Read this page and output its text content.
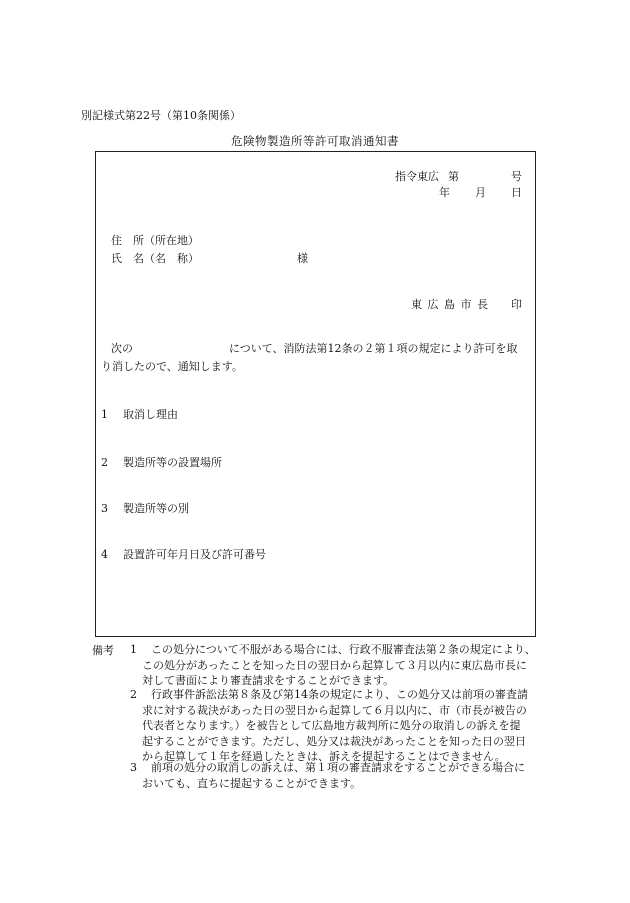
別記様式第22号（第10条関係）
危険物製造所等許可取消通知書
指令東広 第	号
年 月 日
住　所（所在地）
氏　名（名　称）	様
東 広 島 市 長 印
次の	について、消防法第12条の２第１項の規定により許可を取
り消したので、通知します。
1 取消し理由
2 製造所等の設置場所
3 製造所等の別
4 設置許可年月日及び許可番号
備考 1 この処分について不服がある場合には、行政不服審査法第２条の規定により、
この処分があったことを知った日の翌日から起算して３月以内に東広島市長に
対して書面により審査請求をすることができます。
2 行政事件訴訟法第８条及び第14条の規定により、この処分又は前項の審査請
求に対する裁決があった日の翌日から起算して６月以内に、市（市長が被告の
代表者となります。）を被告として広島地方裁判所に処分の取消しの訴えを提
起することができます。ただし、処分又は裁決があったことを知った日の翌日
から起算して１年を経過したときは、訴えを提起することはできません。
3 前項の処分の取消しの訴えは、第１項の審査請求をすることができる場合に
おいても、直ちに提起することができます。
